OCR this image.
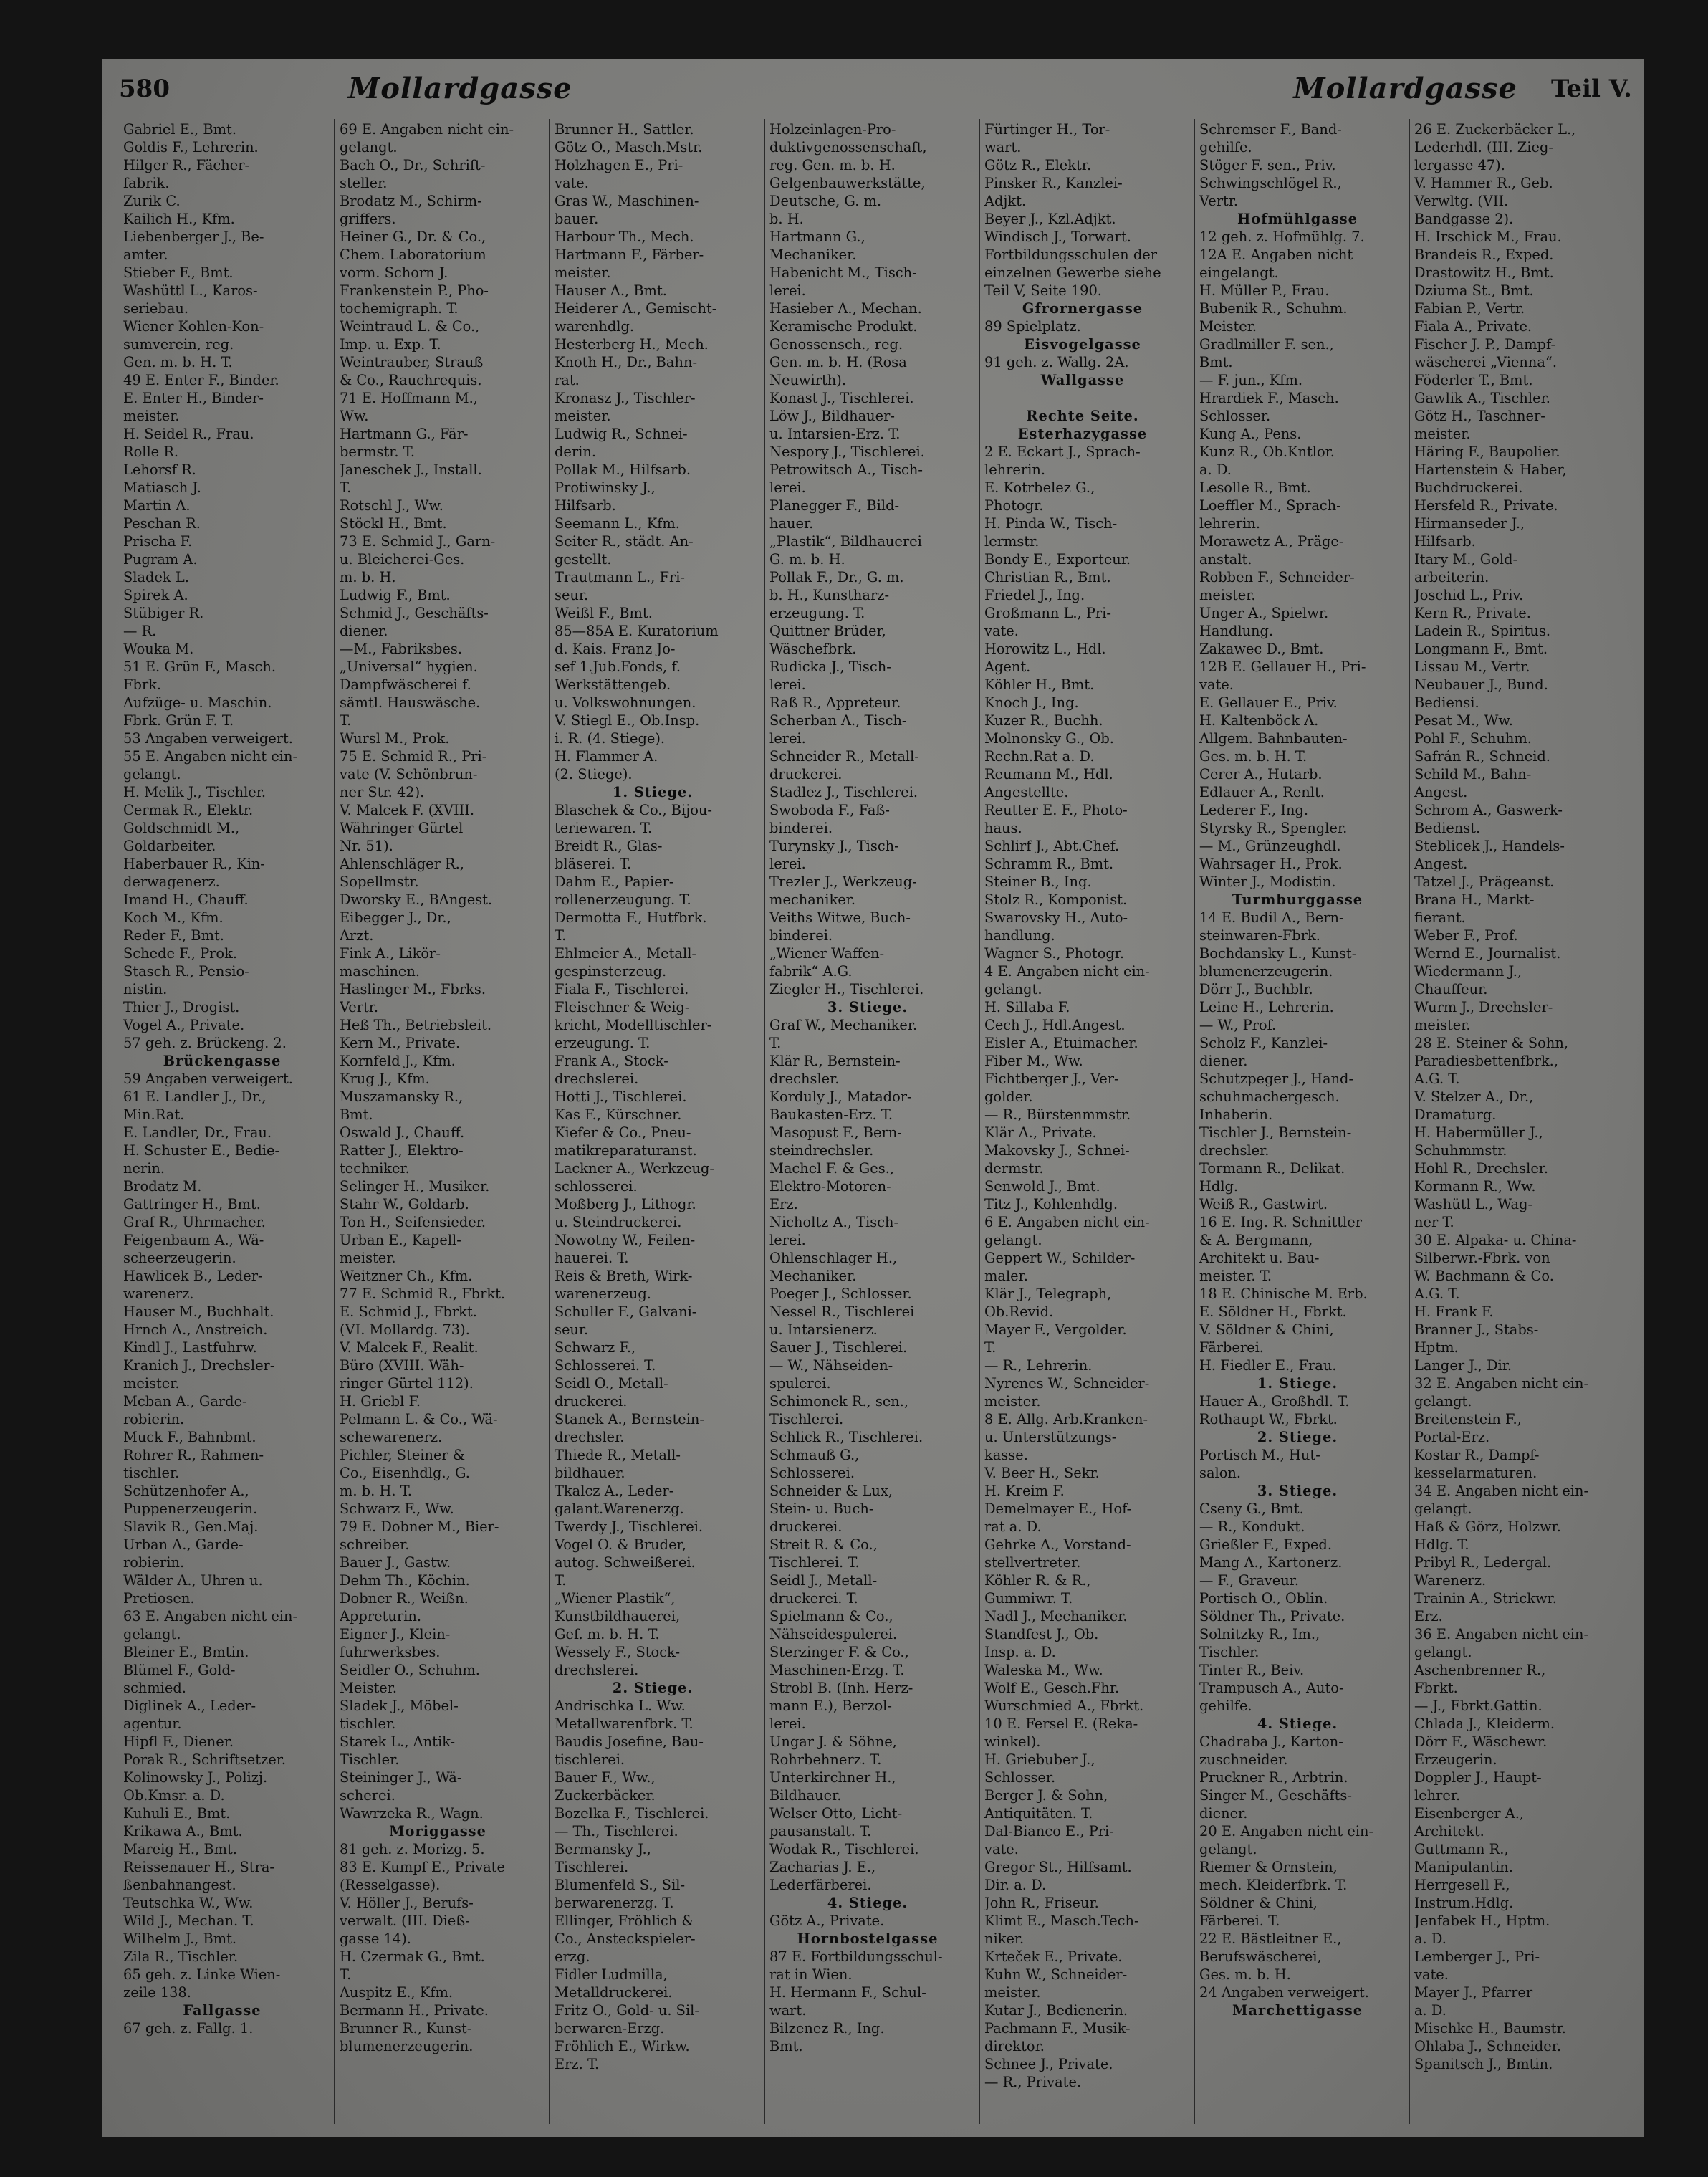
580	Mollardgasse	Mollardgasse Teil V.
Gabriel E., Bmt.
Goldis F., Lehrerin.
Hilger R., Fächer-
fabrik.
Zurik C.
Kailich H., Kfm.
Liebenberger J., Be-
amter.
Stieber F., Bmt.
Washüttl L., Karos-
seriebau.
Wiener Kohlen-Kon-
sumverein, reg.
Gen. m. b. H. T.
49 E. Enter F., Binder.
E. Enter H., Binder-
meister.
H. Seidel R., Frau.
Rolle R.
Lehorsf R.
Matiasch J.
Martin A.
Peschan R.
Prischa F.
Pugram A.
Sladek L.
Spirek A.
Stübiger R.
— R.
Wouka M.
51 E. Grün F., Masch.
Fbrk.
Aufzüge- u. Maschin.
Fbrk. Grün F. T.
53 Angaben verweigert.
55 E. Angaben nicht ein-
gelangt.
H. Melik J., Tischler.
Cermak R., Elektr.
Goldschmidt M.,
Goldarbeiter.
Haberbauer R., Kin-
derwagenerz.
Imand H., Chauff.
Koch M., Kfm.
Reder F., Bmt.
Schede F., Prok.
Stasch R., Pensio-
nistin.
Thier J., Drogist.
Vogel A., Private.
57 geh. z. Brückeng. 2.
Brückengasse
59 Angaben verweigert.
61 E. Landler J., Dr.,
Min.Rat.
E. Landler, Dr., Frau.
H. Schuster E., Bedie-
nerin.
Brodatz M.
Gattringer H., Bmt.
Graf R., Uhrmacher.
Feigenbaum A., Wä-
scheerzeugerin.
Hawlicek B., Leder-
warenerz.
Hauser M., Buchhalt.
Hrnch A., Anstreich.
Kindl J., Lastfuhrw.
Kranich J., Drechsler-
meister.
Mcban A., Garde-
robierin.
Muck F., Bahnbmt.
Rohrer R., Rahmen-
tischler.
Schützenhofer A.,
Puppenerzeugerin.
Slavik R., Gen.Maj.
Urban A., Garde-
robierin.
Wälder A., Uhren u.
Pretiosen.
63 E. Angaben nicht ein-
gelangt.
Bleiner E., Bmtin.
Blümel F., Gold-
schmied.
Diglinek A., Leder-
agentur.
Hipfl F., Diener.
Porak R., Schriftsetzer.
Kolinowsky J., Polizj.
Ob.Kmsr. a. D.
Kuhuli E., Bmt.
Krikawa A., Bmt.
Mareig H., Bmt.
Reissenauer H., Stra-
ßenbahnangest.
Teutschka W., Ww.
Wild J., Mechan. T.
Wilhelm J., Bmt.
Zila R., Tischler.
65 geh. z. Linke Wien-
zeile 138.
Fallgasse
67 geh. z. Fallg. 1.
69 E. Angaben nicht ein-
gelangt.
Bach O., Dr., Schrift-
steller.
Brodatz M., Schirm-
griffers.
Heiner G., Dr. & Co.,
Chem. Laboratorium
vorm. Schorn J.
Frankenstein P., Pho-
tochemigraph. T.
Weintraud L. & Co.,
Imp. u. Exp. T.
Weintrauber, Strauß
& Co., Rauchrequis.
71 E. Hoffmann M.,
Ww.
Hartmann G., Fär-
bermstr. T.
Janeschek J., Install.
T.
Rotschl J., Ww.
Stöckl H., Bmt.
73 E. Schmid J., Garn-
u. Bleicherei-Ges.
m. b. H.
Ludwig F., Bmt.
Schmid J., Geschäfts-
diener.
—M., Fabriksbes.
„Universal“ hygien.
Dampfwäscherei f.
sämtl. Hauswäsche.
T.
Wursl M., Prok.
75 E. Schmid R., Pri-
vate (V. Schönbrun-
ner Str. 42).
V. Malcek F. (XVIII.
Währinger Gürtel
Nr. 51).
Ahlenschläger R.,
Sopellmstr.
Dworsky E., BAngest.
Eibegger J., Dr.,
Arzt.
Fink A., Likör-
maschinen.
Haslinger M., Fbrks.
Vertr.
Heß Th., Betriebsleit.
Kern M., Private.
Kornfeld J., Kfm.
Krug J., Kfm.
Muszamansky R.,
Bmt.
Oswald J., Chauff.
Ratter J., Elektro-
techniker.
Selinger H., Musiker.
Stahr W., Goldarb.
Ton H., Seifensieder.
Urban E., Kapell-
meister.
Weitzner Ch., Kfm.
77 E. Schmid R., Fbrkt.
E. Schmid J., Fbrkt.
(VI. Mollardg. 73).
V. Malcek F., Realit.
Büro (XVIII. Wäh-
ringer Gürtel 112).
H. Griebl F.
Pelmann L. & Co., Wä-
schewarenerz.
Pichler, Steiner &
Co., Eisenhdlg., G.
m. b. H. T.
Schwarz F., Ww.
79 E. Dobner M., Bier-
schreiber.
Bauer J., Gastw.
Dehm Th., Köchin.
Dobner R., Weißn.
Appreturin.
Eigner J., Klein-
fuhrwerksbes.
Seidler O., Schuhm.
Meister.
Sladek J., Möbel-
tischler.
Starek L., Antik-
Tischler.
Steininger J., Wä-
scherei.
Wawrzeka R., Wagn.
Moriggasse
81 geh. z. Morizg. 5.
83 E. Kumpf E., Private
(Resselgasse).
V. Höller J., Berufs-
verwalt. (III. Dieß-
gasse 14).
H. Czermak G., Bmt.
T.
Auspitz E., Kfm.
Bermann H., Private.
Brunner R., Kunst-
blumenerzeugerin.
Brunner H., Sattler.
Götz O., Masch.Mstr.
Holzhagen E., Pri-
vate.
Gras W., Maschinen-
bauer.
Harbour Th., Mech.
Hartmann F., Färber-
meister.
Hauser A., Bmt.
Heiderer A., Gemischt-
warenhdlg.
Hesterberg H., Mech.
Knoth H., Dr., Bahn-
rat.
Kronasz J., Tischler-
meister.
Ludwig R., Schnei-
derin.
Pollak M., Hilfsarb.
Protiwinsky J.,
Hilfsarb.
Seemann L., Kfm.
Seiter R., städt. An-
gestellt.
Trautmann L., Fri-
seur.
Weißl F., Bmt.
85—85A E. Kuratorium
d. Kais. Franz Jo-
sef 1.Jub.Fonds, f.
Werkstättengeb.
u. Volkswohnungen.
V. Stiegl E., Ob.Insp.
i. R. (4. Stiege).
H. Flammer A.
(2. Stiege).
1. Stiege.
Blaschek & Co., Bijou-
teriewaren. T.
Breidt R., Glas-
bläserei. T.
Dahm E., Papier-
rollenerzeugung. T.
Dermotta F., Hutfbrk.
T.
Ehlmeier A., Metall-
gespinsterzeug.
Fiala F., Tischlerei.
Fleischner & Weig-
kricht, Modelltischler-
erzeugung. T.
Frank A., Stock-
drechslerei.
Hotti J., Tischlerei.
Kas F., Kürschner.
Kiefer & Co., Pneu-
matikreparaturanst.
Lackner A., Werkzeug-
schlosserei.
Moßberg J., Lithogr.
u. Steindruckerei.
Nowotny W., Feilen-
hauerei. T.
Reis & Breth, Wirk-
warenerzeug.
Schuller F., Galvani-
seur.
Schwarz F.,
Schlosserei. T.
Seidl O., Metall-
druckerei.
Stanek A., Bernstein-
drechsler.
Thiede R., Metall-
bildhauer.
Tkalcz A., Leder-
galant.Warenerzg.
Twerdy J., Tischlerei.
Vogel O. & Bruder,
autog. Schweißerei.
T.
„Wiener Plastik“,
Kunstbildhauerei,
Gef. m. b. H. T.
Wessely F., Stock-
drechslerei.
2. Stiege.
Andrischka L. Ww.
Metallwarenfbrk. T.
Baudis Josefine, Bau-
tischlerei.
Bauer F., Ww.,
Zuckerbäcker.
Bozelka F., Tischlerei.
— Th., Tischlerei.
Bermansky J.,
Tischlerei.
Blumenfeld S., Sil-
berwarenerzg. T.
Ellinger, Fröhlich &
Co., Ansteckspieler-
erzg.
Fidler Ludmilla,
Metalldruckerei.
Fritz O., Gold- u. Sil-
berwaren-Erzg.
Fröhlich E., Wirkw.
Erz. T.
Holzeinlagen-Pro-
duktivgenossenschaft,
reg. Gen. m. b. H.
Gelgenbauwerkstätte,
Deutsche, G. m.
b. H.
Hartmann G.,
Mechaniker.
Habenicht M., Tisch-
lerei.
Hasieber A., Mechan.
Keramische Produkt.
Genossensch., reg.
Gen. m. b. H. (Rosa
Neuwirth).
Konast J., Tischlerei.
Löw J., Bildhauer-
u. Intarsien-Erz. T.
Nespory J., Tischlerei.
Petrowitsch A., Tisch-
lerei.
Planegger F., Bild-
hauer.
„Plastik“, Bildhauerei
G. m. b. H.
Pollak F., Dr., G. m.
b. H., Kunstharz-
erzeugung. T.
Quittner Brüder,
Wäschefbrk.
Rudicka J., Tisch-
lerei.
Raß R., Appreteur.
Scherban A., Tisch-
lerei.
Schneider R., Metall-
druckerei.
Stadlez J., Tischlerei.
Swoboda F., Faß-
binderei.
Turynsky J., Tisch-
lerei.
Trezler J., Werkzeug-
mechaniker.
Veiths Witwe, Buch-
binderei.
„Wiener Waffen-
fabrik“ A.G.
Ziegler H., Tischlerei.
3. Stiege.
Graf W., Mechaniker.
T.
Klär R., Bernstein-
drechsler.
Korduly J., Matador-
Baukasten-Erz. T.
Masopust F., Bern-
steindrechsler.
Machel F. & Ges.,
Elektro-Motoren-
Erz.
Nicholtz A., Tisch-
lerei.
Ohlenschlager H.,
Mechaniker.
Poeger J., Schlosser.
Nessel R., Tischlerei
u. Intarsienerz.
Sauer J., Tischlerei.
— W., Nähseiden-
spulerei.
Schimonek R., sen.,
Tischlerei.
Schlick R., Tischlerei.
Schmauß G.,
Schlosserei.
Schneider & Lux,
Stein- u. Buch-
druckerei.
Streit R. & Co.,
Tischlerei. T.
Seidl J., Metall-
druckerei. T.
Spielmann & Co.,
Nähseidespulerei.
Sterzinger F. & Co.,
Maschinen-Erzg. T.
Strobl B. (Inh. Herz-
mann E.), Berzol-
lerei.
Ungar J. & Söhne,
Rohrbehnerz. T.
Unterkirchner H.,
Bildhauer.
Welser Otto, Licht-
pausanstalt. T.
Wodak R., Tischlerei.
Zacharias J. E.,
Lederfärberei.
4. Stiege.
Götz A., Private.
Hornbostelgasse
87 E. Fortbildungsschul-
rat in Wien.
H. Hermann F., Schul-
wart.
Bilzenez R., Ing.
Bmt.
Fürtinger H., Tor-
wart.
Götz R., Elektr.
Pinsker R., Kanzlei-
Adjkt.
Beyer J., Kzl.Adjkt.
Windisch J., Torwart.
Fortbildungsschulen der
einzelnen Gewerbe siehe
Teil V, Seite 190.
Gfrornergasse
89 Spielplatz.
Eisvogelgasse
91 geh. z. Wallg. 2A.
Wallgasse

Rechte Seite.
Esterhazygasse
2 E. Eckart J., Sprach-
lehrerin.
E. Kotrbelez G.,
Photogr.
H. Pinda W., Tisch-
lermstr.
Bondy E., Exporteur.
Christian R., Bmt.
Friedel J., Ing.
Großmann L., Pri-
vate.
Horowitz L., Hdl.
Agent.
Köhler H., Bmt.
Knoch J., Ing.
Kuzer R., Buchh.
Molnonsky G., Ob.
Rechn.Rat a. D.
Reumann M., Hdl.
Angestellte.
Reutter E. F., Photo-
haus.
Schlirf J., Abt.Chef.
Schramm R., Bmt.
Steiner B., Ing.
Stolz R., Komponist.
Swarovsky H., Auto-
handlung.
Wagner S., Photogr.
4 E. Angaben nicht ein-
gelangt.
H. Sillaba F.
Cech J., Hdl.Angest.
Eisler A., Etuimacher.
Fiber M., Ww.
Fichtberger J., Ver-
golder.
— R., Bürstenmmstr.
Klär A., Private.
Makovsky J., Schnei-
dermstr.
Senwold J., Bmt.
Titz J., Kohlenhdlg.
6 E. Angaben nicht ein-
gelangt.
Geppert W., Schilder-
maler.
Klär J., Telegraph,
Ob.Revid.
Mayer F., Vergolder.
T.
— R., Lehrerin.
Nyrenes W., Schneider-
meister.
8 E. Allg. Arb.Kranken-
u. Unterstützungs-
kasse.
V. Beer H., Sekr.
H. Kreim F.
Demelmayer E., Hof-
rat a. D.
Gehrke A., Vorstand-
stellvertreter.
Köhler R. & R.,
Gummiwr. T.
Nadl J., Mechaniker.
Standfest J., Ob.
Insp. a. D.
Waleska M., Ww.
Wolf E., Gesch.Fhr.
Wurschmied A., Fbrkt.
10 E. Fersel E. (Reka-
winkel).
H. Griebuber J.,
Schlosser.
Berger J. & Sohn,
Antiquitäten. T.
Dal-Bianco E., Pri-
vate.
Gregor St., Hilfsamt.
Dir. a. D.
John R., Friseur.
Klimt E., Masch.Tech-
niker.
Krteček E., Private.
Kuhn W., Schneider-
meister.
Kutar J., Bedienerin.
Pachmann F., Musik-
direktor.
Schnee J., Private.
— R., Private.
Schremser F., Band-
gehilfe.
Stöger F. sen., Priv.
Schwingschlögel R.,
Vertr.
Hofmühlgasse
12 geh. z. Hofmühlg. 7.
12A E. Angaben nicht
eingelangt.
H. Müller P., Frau.
Bubenik R., Schuhm.
Meister.
Gradlmiller F. sen.,
Bmt.
— F. jun., Kfm.
Hrardiek F., Masch.
Schlosser.
Kung A., Pens.
Kunz R., Ob.Kntlor.
a. D.
Lesolle R., Bmt.
Loeffler M., Sprach-
lehrerin.
Morawetz A., Präge-
anstalt.
Robben F., Schneider-
meister.
Unger A., Spielwr.
Handlung.
Zakawec D., Bmt.
12B E. Gellauer H., Pri-
vate.
E. Gellauer E., Priv.
H. Kaltenböck A.
Allgem. Bahnbauten-
Ges. m. b. H. T.
Cerer A., Hutarb.
Edlauer A., Renlt.
Lederer F., Ing.
Styrsky R., Spengler.
— M., Grünzeughdl.
Wahrsager H., Prok.
Winter J., Modistin.
Turmburggasse
14 E. Budil A., Bern-
steinwaren-Fbrk.
Bochdansky L., Kunst-
blumenerzeugerin.
Dörr J., Buchblr.
Leine H., Lehrerin.
— W., Prof.
Scholz F., Kanzlei-
diener.
Schutzpeger J., Hand-
schuhmachergesch.
Inhaberin.
Tischler J., Bernstein-
drechsler.
Tormann R., Delikat.
Hdlg.
Weiß R., Gastwirt.
16 E. Ing. R. Schnittler
& A. Bergmann,
Architekt u. Bau-
meister. T.
18 E. Chinische M. Erb.
E. Söldner H., Fbrkt.
V. Söldner & Chini,
Färberei.
H. Fiedler E., Frau.
1. Stiege.
Hauer A., Großhdl. T.
Rothaupt W., Fbrkt.
2. Stiege.
Portisch M., Hut-
salon.
3. Stiege.
Cseny G., Bmt.
— R., Kondukt.
Grießler F., Exped.
Mang A., Kartonerz.
— F., Graveur.
Portisch O., Oblin.
Söldner Th., Private.
Solnitzky R., Im.,
Tischler.
Tinter R., Beiv.
Trampusch A., Auto-
gehilfe.
4. Stiege.
Chadraba J., Karton-
zuschneider.
Pruckner R., Arbtrin.
Singer M., Geschäfts-
diener.
20 E. Angaben nicht ein-
gelangt.
Riemer & Ornstein,
mech. Kleiderfbrk. T.
Söldner & Chini,
Färberei. T.
22 E. Bästleitner E.,
Berufswäscherei,
Ges. m. b. H.
24 Angaben verweigert.
Marchettigasse
26 E. Zuckerbäcker L.,
Lederhdl. (III. Zieg-
lergasse 47).
V. Hammer R., Geb.
Verwltg. (VII.
Bandgasse 2).
H. Irschick M., Frau.
Brandeis R., Exped.
Drastowitz H., Bmt.
Dziuma St., Bmt.
Fabian P., Vertr.
Fiala A., Private.
Fischer J. P., Dampf-
wäscherei „Vienna“.
Föderler T., Bmt.
Gawlik A., Tischler.
Götz H., Taschner-
meister.
Häring F., Baupolier.
Hartenstein & Haber,
Buchdruckerei.
Hersfeld R., Private.
Hirmanseder J.,
Hilfsarb.
Itary M., Gold-
arbeiterin.
Joschid L., Priv.
Kern R., Private.
Ladein R., Spiritus.
Longmann F., Bmt.
Lissau M., Vertr.
Neubauer J., Bund.
Bediensi.
Pesat M., Ww.
Pohl F., Schuhm.
Safrán R., Schneid.
Schild M., Bahn-
Angest.
Schrom A., Gaswerk-
Bedienst.
Steblicek J., Handels-
Angest.
Tatzel J., Prägeanst.
Brana H., Markt-
fierant.
Weber F., Prof.
Wernd E., Journalist.
Wiedermann J.,
Chauffeur.
Wurm J., Drechsler-
meister.
28 E. Steiner & Sohn,
Paradiesbettenfbrk.,
A.G. T.
V. Stelzer A., Dr.,
Dramaturg.
H. Habermüller J.,
Schuhmmstr.
Hohl R., Drechsler.
Kormann R., Ww.
Washütl L., Wag-
ner T.
30 E. Alpaka- u. China-
Silberwr.-Fbrk. von
W. Bachmann & Co.
A.G. T.
H. Frank F.
Branner J., Stabs-
Hptm.
Langer J., Dir.
32 E. Angaben nicht ein-
gelangt.
Breitenstein F.,
Portal-Erz.
Kostar R., Dampf-
kesselarmaturen.
34 E. Angaben nicht ein-
gelangt.
Haß & Görz, Holzwr.
Hdlg. T.
Pribyl R., Ledergal.
Warenerz.
Trainin A., Strickwr.
Erz.
36 E. Angaben nicht ein-
gelangt.
Aschenbrenner R.,
Fbrkt.
— J., Fbrkt.Gattin.
Chlada J., Kleiderm.
Dörr F., Wäschewr.
Erzeugerin.
Doppler J., Haupt-
lehrer.
Eisenberger A.,
Architekt.
Guttmann R.,
Manipulantin.
Herrgesell F.,
Instrum.Hdlg.
Jenfabek H., Hptm.
a. D.
Lemberger J., Pri-
vate.
Mayer J., Pfarrer
a. D.
Mischke H., Baumstr.
Ohlaba J., Schneider.
Spanitsch J., Bmtin.
